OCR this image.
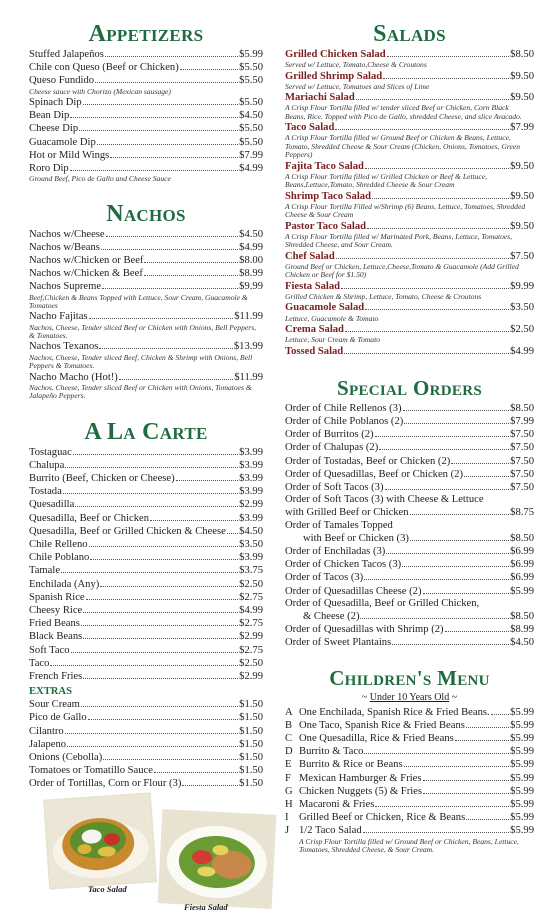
Appetizers
Stuffed Jalapeños	$5.99
Chile con Queso (Beef or Chicken)	$5.50
Queso Fundido	$5.50
Cheese sauce with Chorizo (Mexican sausage)
Spinach Dip	$5.50
Bean Dip	$4.50
Cheese Dip	$5.50
Guacamole Dip	$5.50
Hot or Mild Wings	$7.99
Roro Dip	$4.99
Ground Beef, Pico de Gallo and Cheese Sauce
Nachos
Nachos w/Cheese	$4.50
Nachos w/Beans	$4.99
Nachos w/Chicken or Beef	$8.00
Nachos w/Chicken & Beef	$8.99
Nachos Supreme	$9.99
Beef,Chicken & Beans Topped with Lettuce, Sour Cream, Guacamole & Tomatoes
Nacho Fajitas	$11.99
Nachos, Cheese, Tender sliced Beef or Chicken with Onions, Bell Peppers, & Tomatoes.
Nachos Texanos	$13.99
Nachos, Cheese, Tender sliced Beef, Chicken & Shrimp with Onions, Bell Peppers & Tomatoes.
Nacho Macho (Hot!)	$11.99
Nachos, Cheese, Tender sliced Beef or Chicken with Onions, Tomatoes & Jalapeño Peppers.
A La Carte
Tostaguac	$3.99
Chalupa	$3.99
Burrito (Beef, Chicken or Cheese)	$3.99
Tostada	$3.99
Quesadilla	$2.99
Quesadilla, Beef or Chicken	$3.99
Quesadilla, Beef or Grilled Chicken & Cheese $4.50
Chile Relleno	$3.50
Chile Poblano	$3.99
Tamale	$3.75
Enchilada (Any)	$2.50
Spanish Rice	$2.75
Cheesy Rice	$4.99
Fried Beans	$2.75
Black Beans	$2.99
Soft Taco	$2.75
Taco	$2.50
French Fries	$2.99
EXTRAS
Sour Cream	$1.50
Pico de Gallo	$1.50
Cilantro	$1.50
Jalapeno	$1.50
Onions (Cebolla)	$1.50
Tomatoes or Tomatillo Sauce	$1.50
Order of Tortillas, Corn or Flour (3)	$1.50
Taco Salad
Fiesta Salad
Salads
Grilled Chicken Salad	$8.50
Served w/ Lettuce, Tomato,Cheese & Croutons
Grilled Shrimp Salad	$9.50
Served w/ Lettuce, Tomatoes and Slices of Lime
Mariachi Salad	$9.50
A Crisp Flour Tortilla filled w/ tender sliced Beef or Chicken, Corn Black Beans, Rice. Topped with Pico de Gallo, shredded Cheese, and slice Avacado.
Taco Salad	$7.99
A Crisp Flour Tortilla filled w/ Ground Beef or Chicken & Beans, Lettuce, Tomato, Shredded Cheese & Sour Cream (Chicken, Onions, Tomatoes, Green Peppers)
Fajita Taco Salad	$9.50
A Crisp Flour Tortilla filled w/ Grilled Chicken or Beef & Lettuce, Beans,Lettuce,Tomato, Shredded Cheese & Sour Cream
Shrimp Taco Salad	$9.50
A Crisp Flour Tortilla Filled w/Shrimp (6) Beans, Lettuce, Tomatoes, Shredded Cheese & Sour Cream
Pastor Taco Salad	$9.50
A Crisp Flour Tortilla filled w/ Marinated Pork, Beans, Lettuce, Tomatoes, Shredded Cheese, and Sour Cream.
Chef Salad	$7.50
Ground Beef or Chicken, Lettuce,Cheese,Tomato & Guacamole (Add Grilled Chicken or Beef for $1.50)
Fiesta Salad	$9.99
Grilled Chicken & Shrimp, Lettuce, Tomato, Cheese & Croutons
Guacamole Salad	$3.50
Lettuce, Guacamole & Tomato
Crema Salad	$2.50
Lettuce, Sour Cream & Tomato
Tossed Salad	$4.99
Special Orders
Order of Chile Rellenos (3)	$8.50
Order of Chile Poblanos (2)	$7.99
Order of Burritos (2)	$7.50
Order of Chalupas (2)	$7.50
Order of Tostadas, Beef or Chicken (2)	$7.50
Order of Quesadillas, Beef or Chicken (2)	$7.50
Order of Soft Tacos (3)	$7.50
Order of Soft Tacos (3) with Cheese & Lettuce
with Grilled Beef or Chicken	$8.75
Order of Tamales Topped
with Beef or Chicken (3)	$8.50
Order of Enchiladas (3)	$6.99
Order of Chicken Tacos (3)	$6.99
Order of Tacos (3)	$6.99
Order of Quesadillas Cheese (2)	$5.99
Order of Quesadilla, Beef or Grilled Chicken,
& Cheese (2)	$8.50
Order of Quesadillas with Shrimp (2)	$8.99
Order of Sweet Plantains	$4.50
Children's Menu
~ Under 10 Years Old ~
A One Enchilada, Spanish Rice & Fried Beans. $5.99
B One Taco, Spanish Rice & Fried Beans	$5.99
C One Quesadilla, Rice & Fried Beans	$5.99
D Burrito & Taco	$5.99
E Burrito & Rice or Beans	$5.99
F Mexican Hamburger & Fries	$5.99
G Chicken Nuggets (5) & Fries	$5.99
H Macaroni & Fries	$5.99
I Grilled Beef or Chicken, Rice & Beans	$5.99
J 1/2 Taco Salad	$5.99
A Crisp Flour Tortilla filled w/ Ground Beef or Chicken, Beans, Lettuce, Tomatoes, Shredded Cheese, & Sour Cream.
